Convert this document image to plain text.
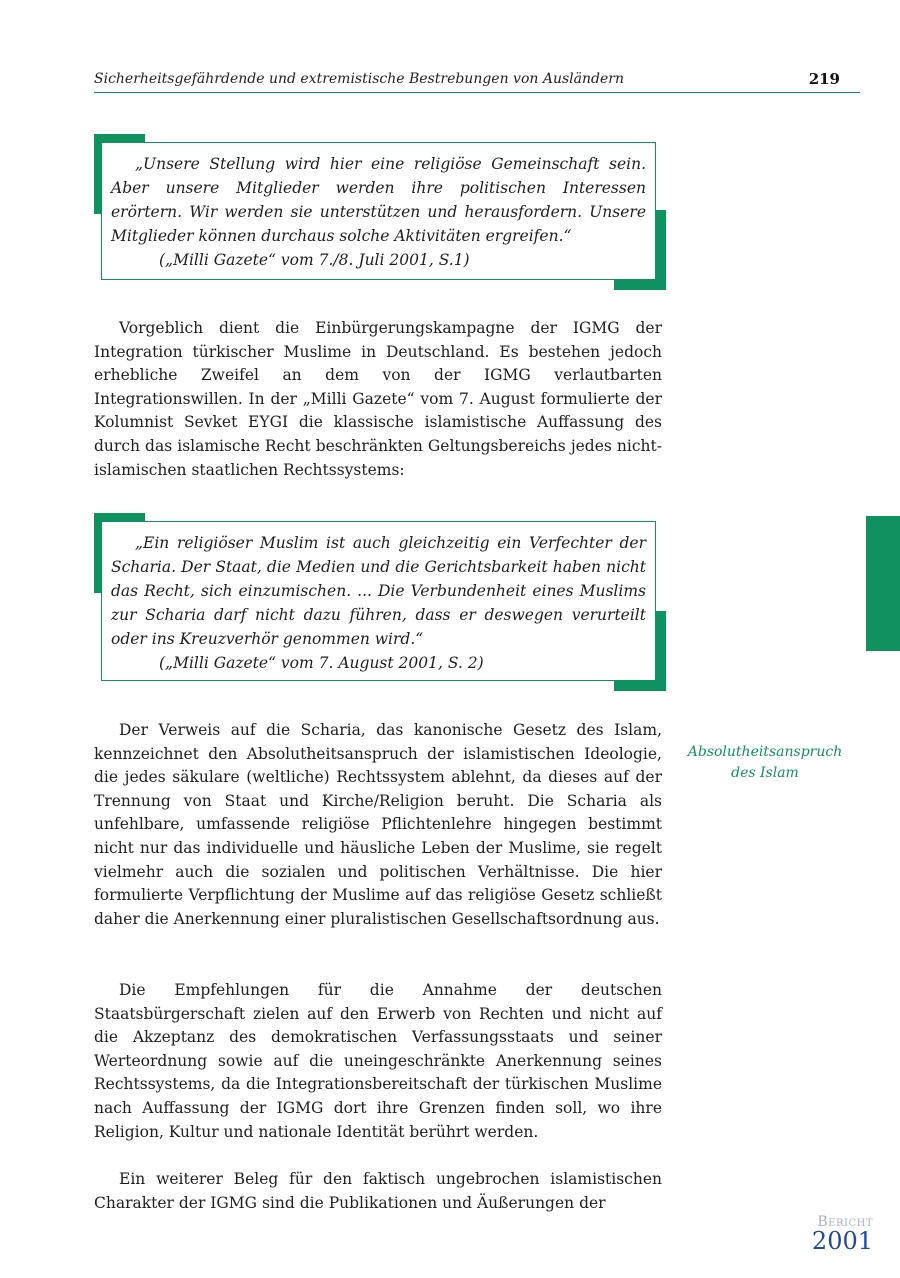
Sicherheitsgefährdende und extremistische Bestrebungen von Ausländern	219

„Unsere Stellung wird hier eine religiöse Gemeinschaft sein. Aber unsere Mitglieder werden ihre politischen Interessen erörtern. Wir werden sie unterstützen und herausfordern. Unsere Mitglieder können durchaus solche Aktivitäten ergreifen.“

(„Milli Gazete“ vom 7./8. Juli 2001, S.1)

Vorgeblich dient die Einbürgerungskampagne der IGMG der Integration türkischer Muslime in Deutschland. Es bestehen jedoch erhebliche Zweifel an dem von der IGMG verlautbarten Integrationswillen. In der „Milli Gazete“ vom 7. August formulierte der Kolumnist Sevket EYGI die klassische islamistische Auffassung des durch das islamische Recht beschränkten Geltungsbereichs jedes nicht-islamischen staatlichen Rechtssystems:

„Ein religiöser Muslim ist auch gleichzeitig ein Verfechter der Scharia. Der Staat, die Medien und die Gerichtsbarkeit haben nicht das Recht, sich einzumischen. ... Die Verbundenheit eines Muslims zur Scharia darf nicht dazu führen, dass er deswegen verurteilt oder ins Kreuzverhör genommen wird.“

(„Milli Gazete“ vom 7. August 2001, S. 2)

Der Verweis auf die Scharia, das kanonische Gesetz des Islam, kennzeichnet den Absolutheitsanspruch der islamistischen Ideologie, die jedes säkulare (weltliche) Rechtssystem ablehnt, da dieses auf der Trennung von Staat und Kirche/Religion beruht. Die Scharia als unfehlbare, umfassende religiöse Pflichtenlehre hingegen bestimmt nicht nur das individuelle und häusliche Leben der Muslime, sie regelt vielmehr auch die sozialen und politischen Verhältnisse. Die hier formulierte Verpflichtung der Muslime auf das religiöse Gesetz schließt daher die Anerkennung einer pluralistischen Gesellschaftsordnung aus.

Absolutheitsanspruch
des Islam

Die Empfehlungen für die Annahme der deutschen Staatsbürgerschaft zielen auf den Erwerb von Rechten und nicht auf die Akzeptanz des demokratischen Verfassungsstaats und seiner Werteordnung sowie auf die uneingeschränkte Anerkennung seines Rechtssystems, da die Integrationsbereitschaft der türkischen Muslime nach Auffassung der IGMG dort ihre Grenzen finden soll, wo ihre Religion, Kultur und nationale Identität berührt werden.

Ein weiterer Beleg für den faktisch ungebrochen islamistischen Charakter der IGMG sind die Publikationen und Äußerungen der

Bericht
2001
